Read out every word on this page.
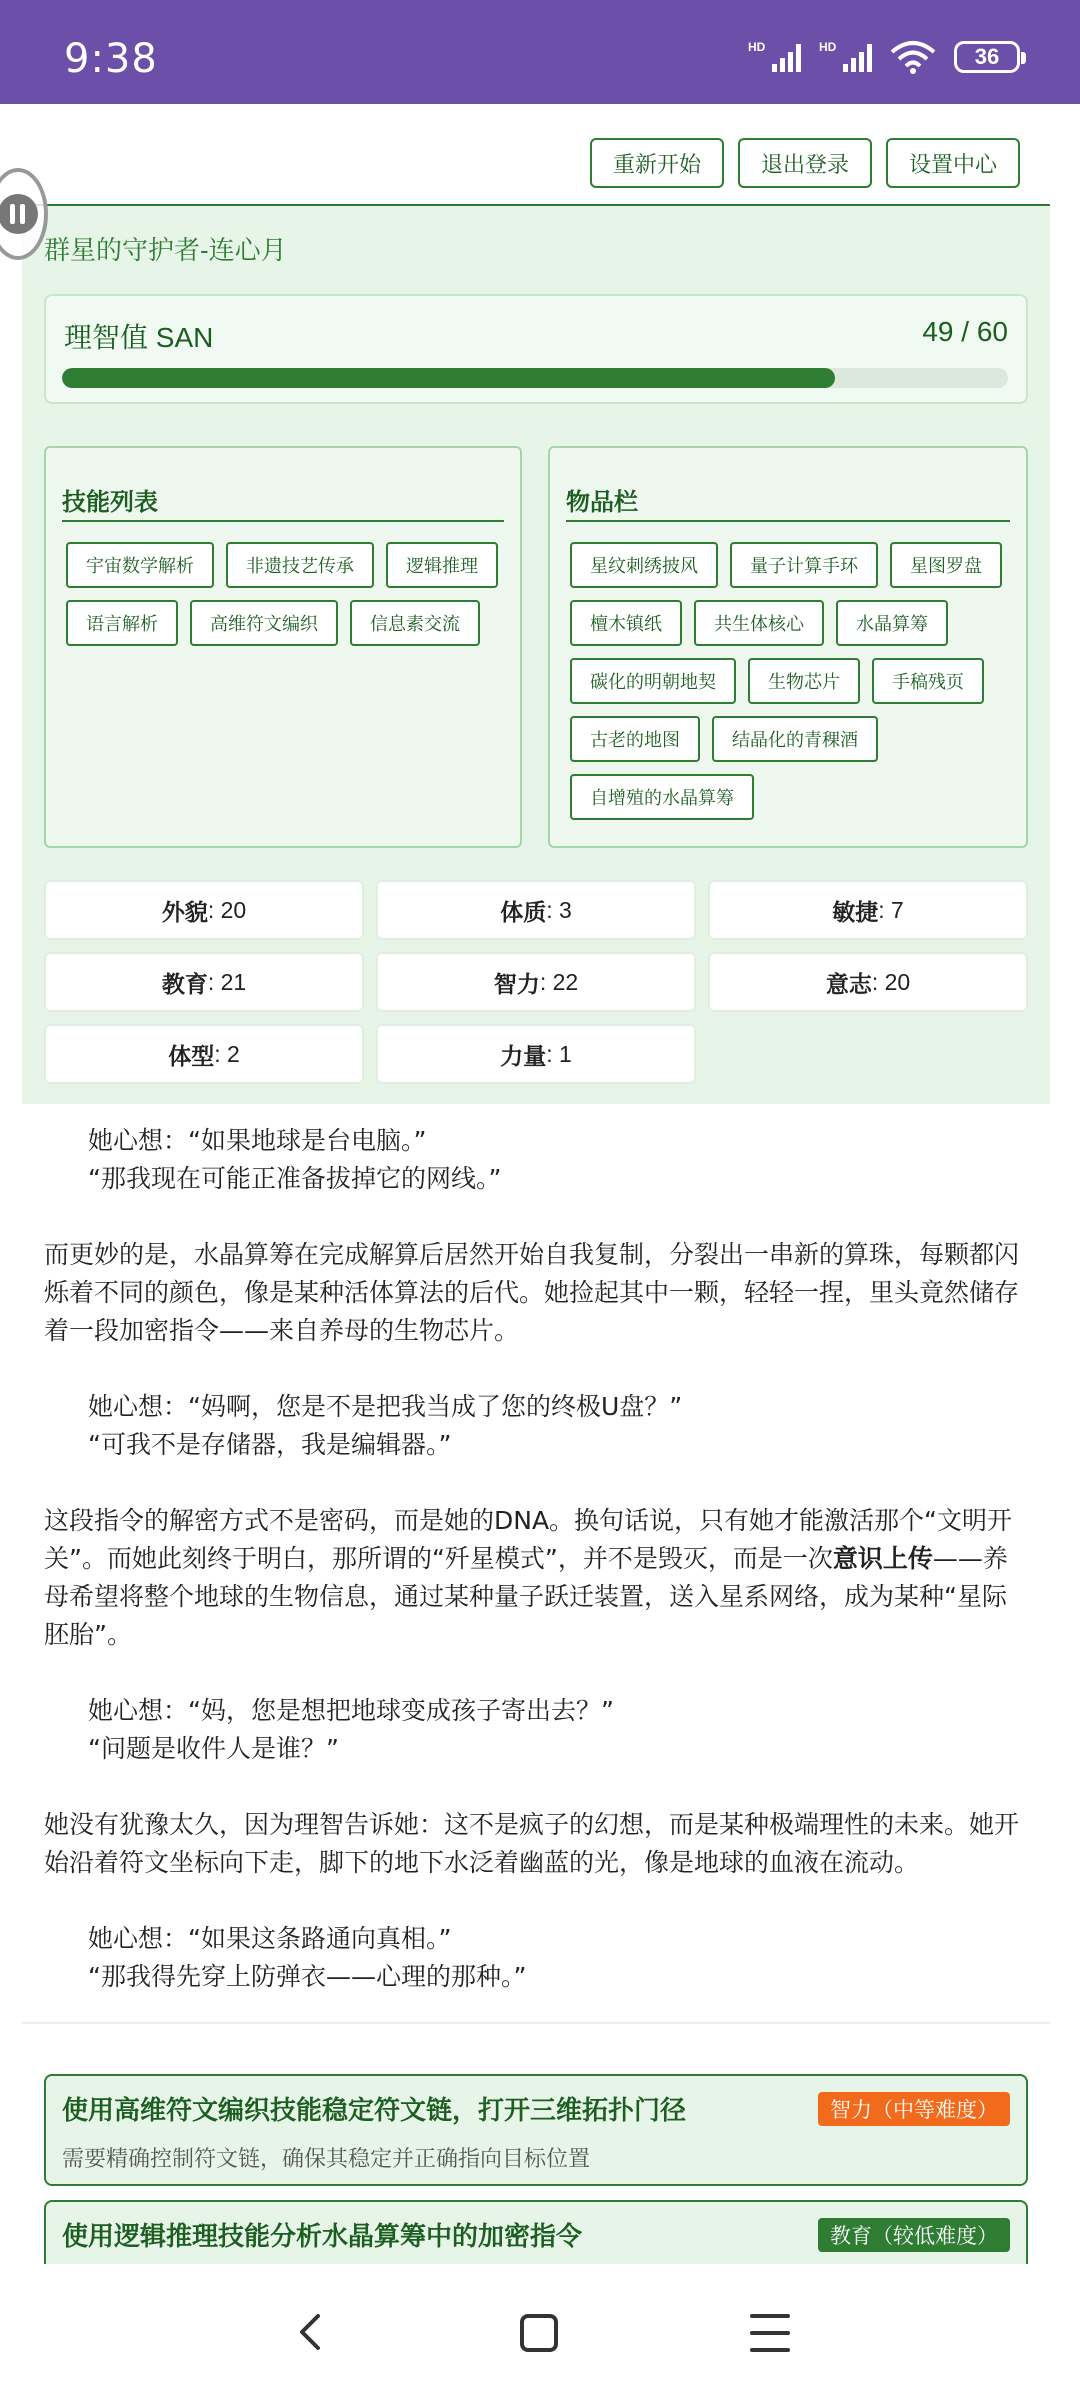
9:38	HD	HD	36
重新开始	退出登录	设置中心
群星的守护者-连心月
理智值 SAN	49 / 60
技能列表
宇宙数学解析	非遗技艺传承	逻辑推理
语言解析	高维符文编织	信息素交流
物品栏
星纹刺绣披风	量子计算手环	星图罗盘
檀木镇纸	共生体核心	水晶算筹
碳化的明朝地契	生物芯片	手稿残页
古老的地图	结晶化的青稞酒
自增殖的水晶算筹
外貌 : 20	体质 : 3	敏捷 : 7
教育 : 21	智力 : 22	意志 : 20
体型 : 2	力量 : 1

她心想：“如果地球是台电脑。”

“那我现在可能正准备拔掉它的网线。”

而更妙的是，水晶算筹在完成解算后居然开始自我复制，分裂出一串新的算珠，每颗都闪烁着不同的颜色，像是某种活体算法的后代。她捡起其中一颗，轻轻一捏，里头竟然储存着一段加密指令——来自养母的生物芯片。

她心想：“妈啊，您是不是把我当成了您的终极U盘？”

“可我不是存储器，我是编辑器。”

这段指令的解密方式不是密码，而是她的DNA。换句话说，只有她才能激活那个“文明开关”。而她此刻终于明白，那所谓的“歼星模式”，并不是毁灭，而是一次意识上传——养母希望将整个地球的生物信息，通过某种量子跃迁装置，送入星系网络，成为某种“星际胚胎”。

她心想：“妈，您是想把地球变成孩子寄出去？”

“问题是收件人是谁？”

她没有犹豫太久，因为理智告诉她：这不是疯子的幻想，而是某种极端理性的未来。她开始沿着符文坐标向下走，脚下的地下水泛着幽蓝的光，像是地球的血液在流动。

她心想：“如果这条路通向真相。”

“那我得先穿上防弹衣——心理的那种。”

使用高维符文编织技能稳定符文链，打开三维拓扑门径
需要精确控制符文链，确保其稳定并正确指向目标位置
智力（中等难度）
使用逻辑推理技能分析水晶算筹中的加密指令	教育（较低难度）
